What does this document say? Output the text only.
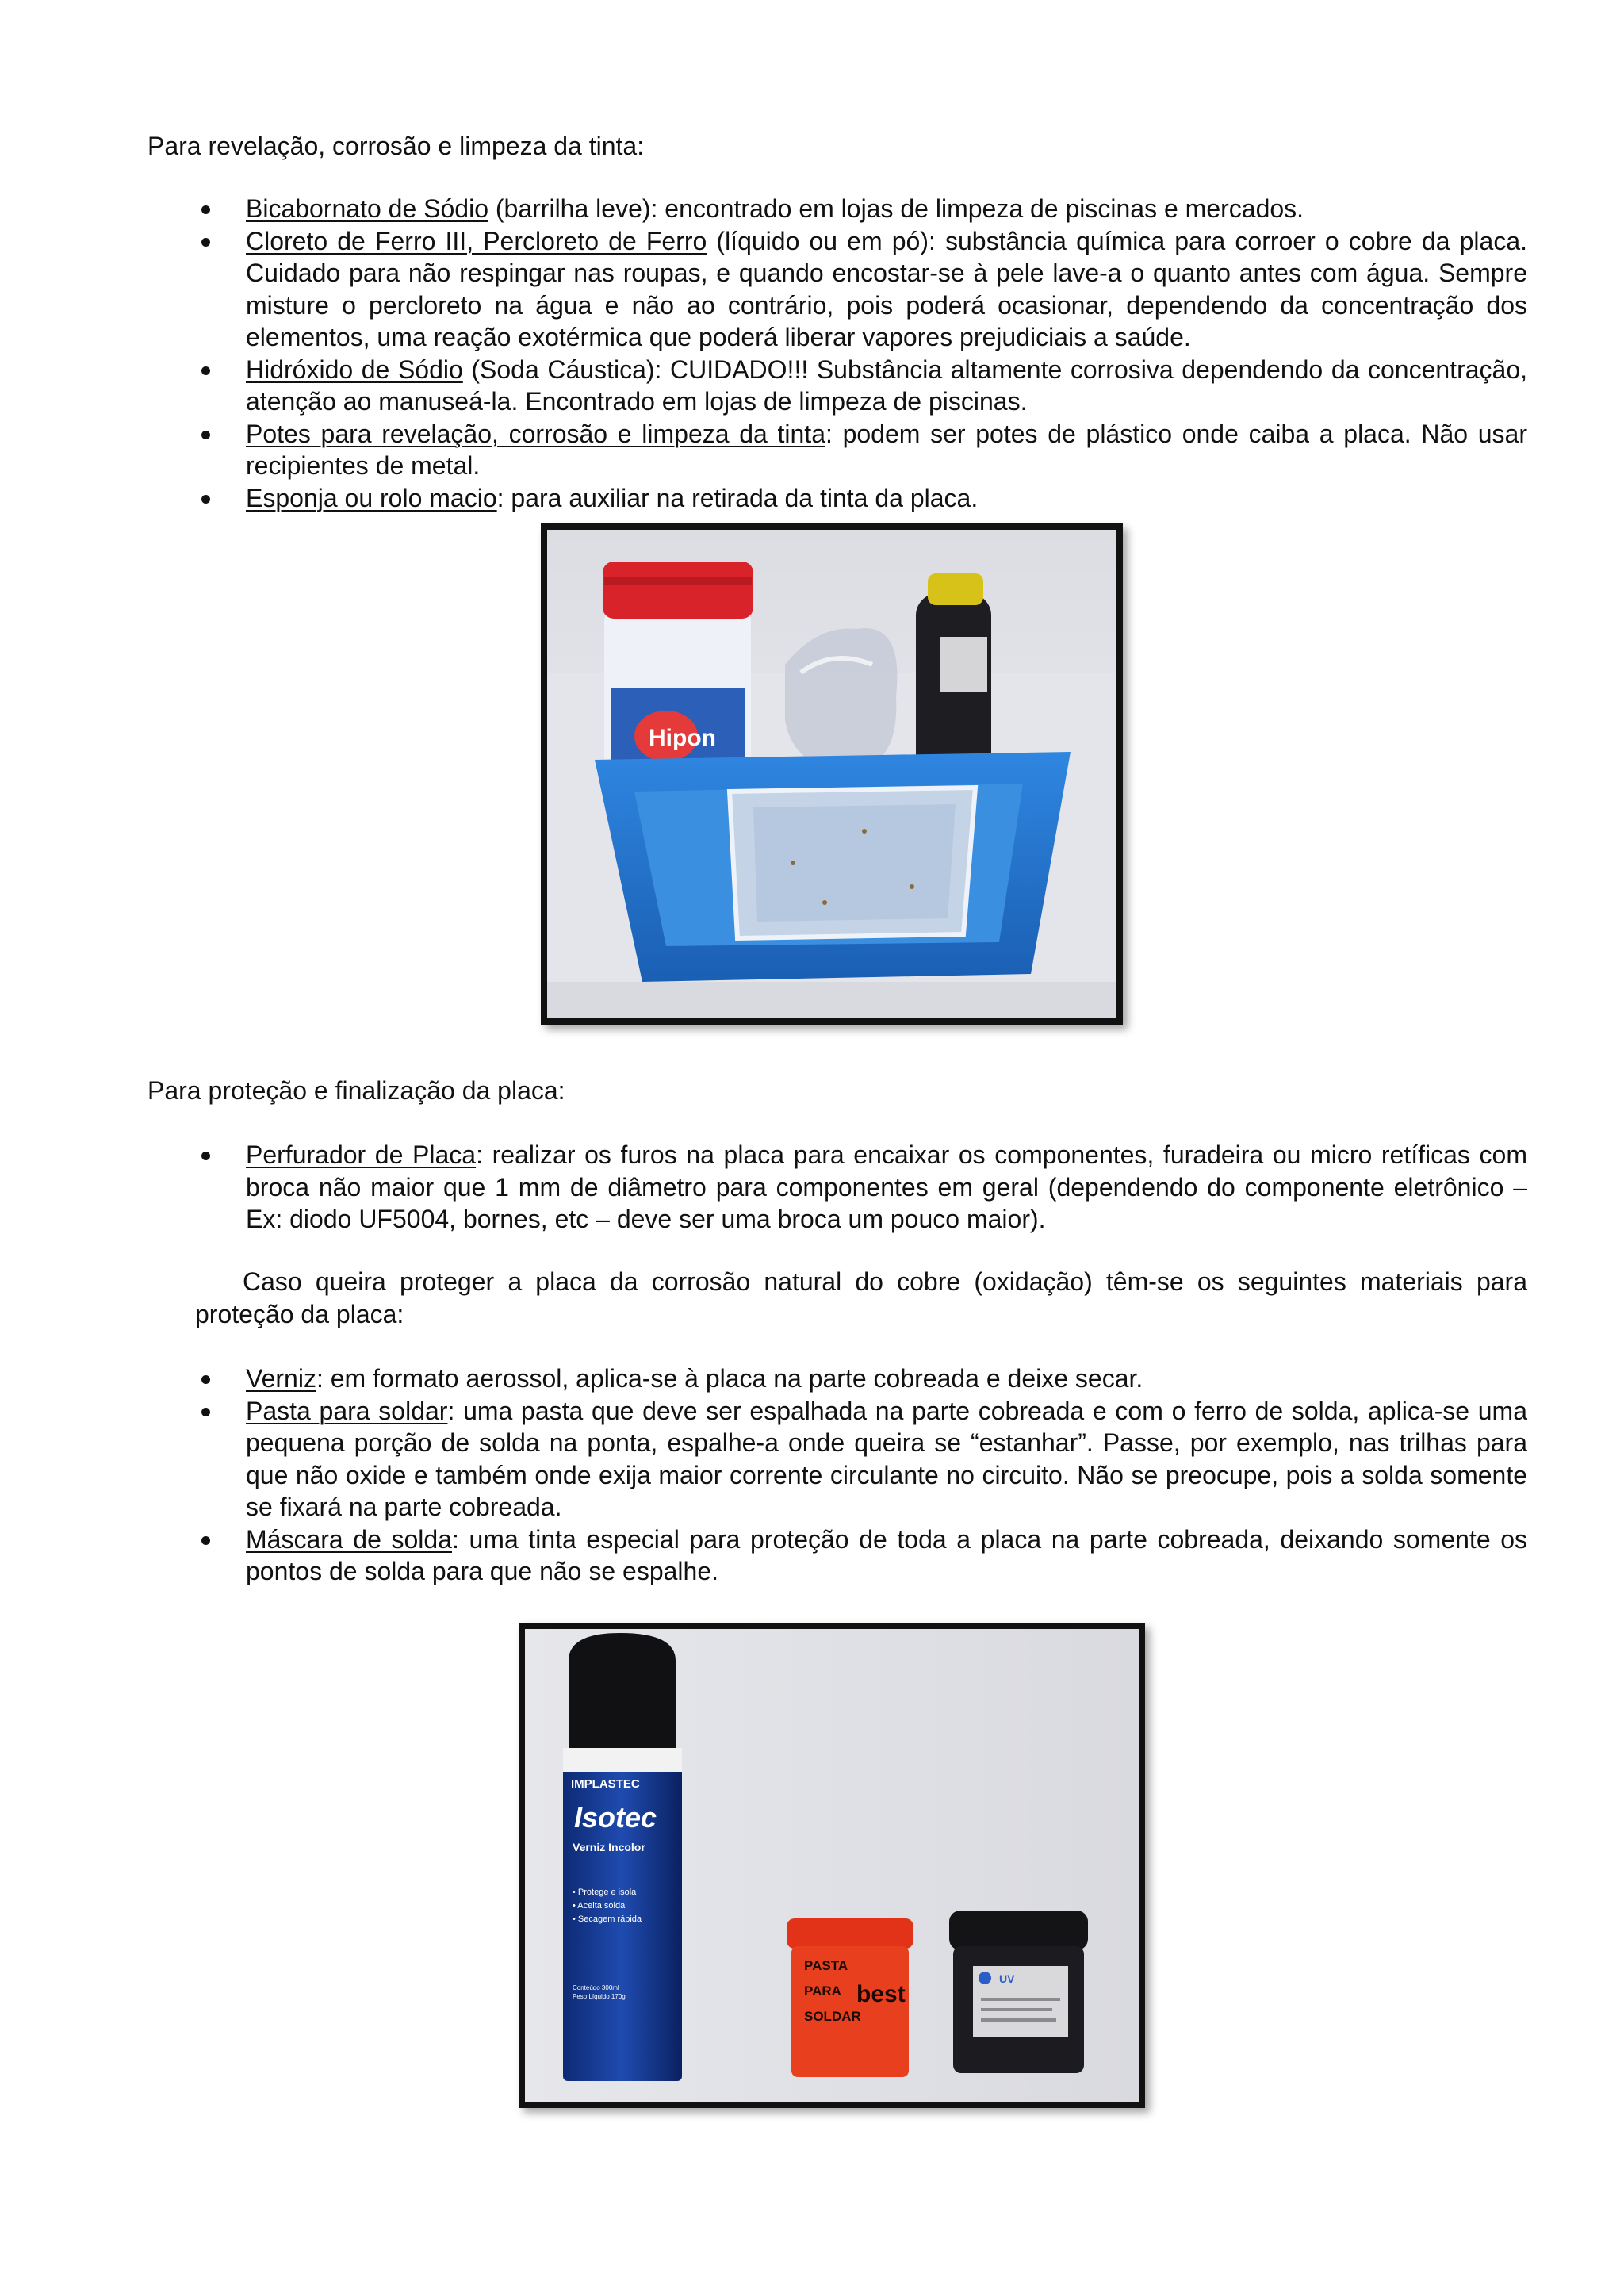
Para revelação, corrosão e limpeza da tinta:
Bicabornato de Sódio (barrilha leve): encontrado em lojas de limpeza de piscinas e mercados.
Cloreto de Ferro III, Percloreto de Ferro (líquido ou em pó): substância química para corroer o cobre da placa. Cuidado para não respingar nas roupas, e quando encostar-se à pele lave-a o quanto antes com água. Sempre misture o percloreto na água e não ao contrário, pois poderá ocasionar, dependendo da concentração dos elementos, uma reação exotérmica que poderá liberar vapores prejudiciais a saúde.
Hidróxido de Sódio (Soda Cáustica): CUIDADO!!! Substância altamente corrosiva dependendo da concentração, atenção ao manuseá-la. Encontrado em lojas de limpeza de piscinas.
Potes para revelação, corrosão e limpeza da tinta: podem ser potes de plástico onde caiba a placa. Não usar recipientes de metal.
Esponja ou rolo macio: para auxiliar na retirada da tinta da placa.
Hipon
Para proteção e finalização da placa:
Perfurador de Placa: realizar os furos na placa para encaixar os componentes, furadeira ou micro retíficas com broca não maior que 1 mm de diâmetro para componentes em geral (dependendo do componente eletrônico – Ex: diodo UF5004, bornes, etc – deve ser uma broca um pouco maior).
Caso queira proteger a placa da corrosão natural do cobre (oxidação) têm-se os seguintes materiais para proteção da placa:
Verniz: em formato aerossol, aplica-se à placa na parte cobreada e deixe secar.
Pasta para soldar: uma pasta que deve ser espalhada na parte cobreada e com o ferro de solda, aplica-se uma pequena porção de solda na ponta, espalhe-a onde queira se “estanhar”. Passe, por exemplo, nas trilhas para que não oxide e também onde exija maior corrente circulante no circuito. Não se preocupe, pois a solda somente se fixará na parte cobreada.
Máscara de solda: uma tinta especial para proteção de toda a placa na parte cobreada, deixando somente os pontos de solda para que não se espalhe.
IMPLASTEC
Isotec
Verniz Incolor
• Protege e isola
• Aceita solda
• Secagem rápida
Conteúdo 300ml
Peso Líquido 170g
PASTA
PARA
SOLDAR
best
UV
